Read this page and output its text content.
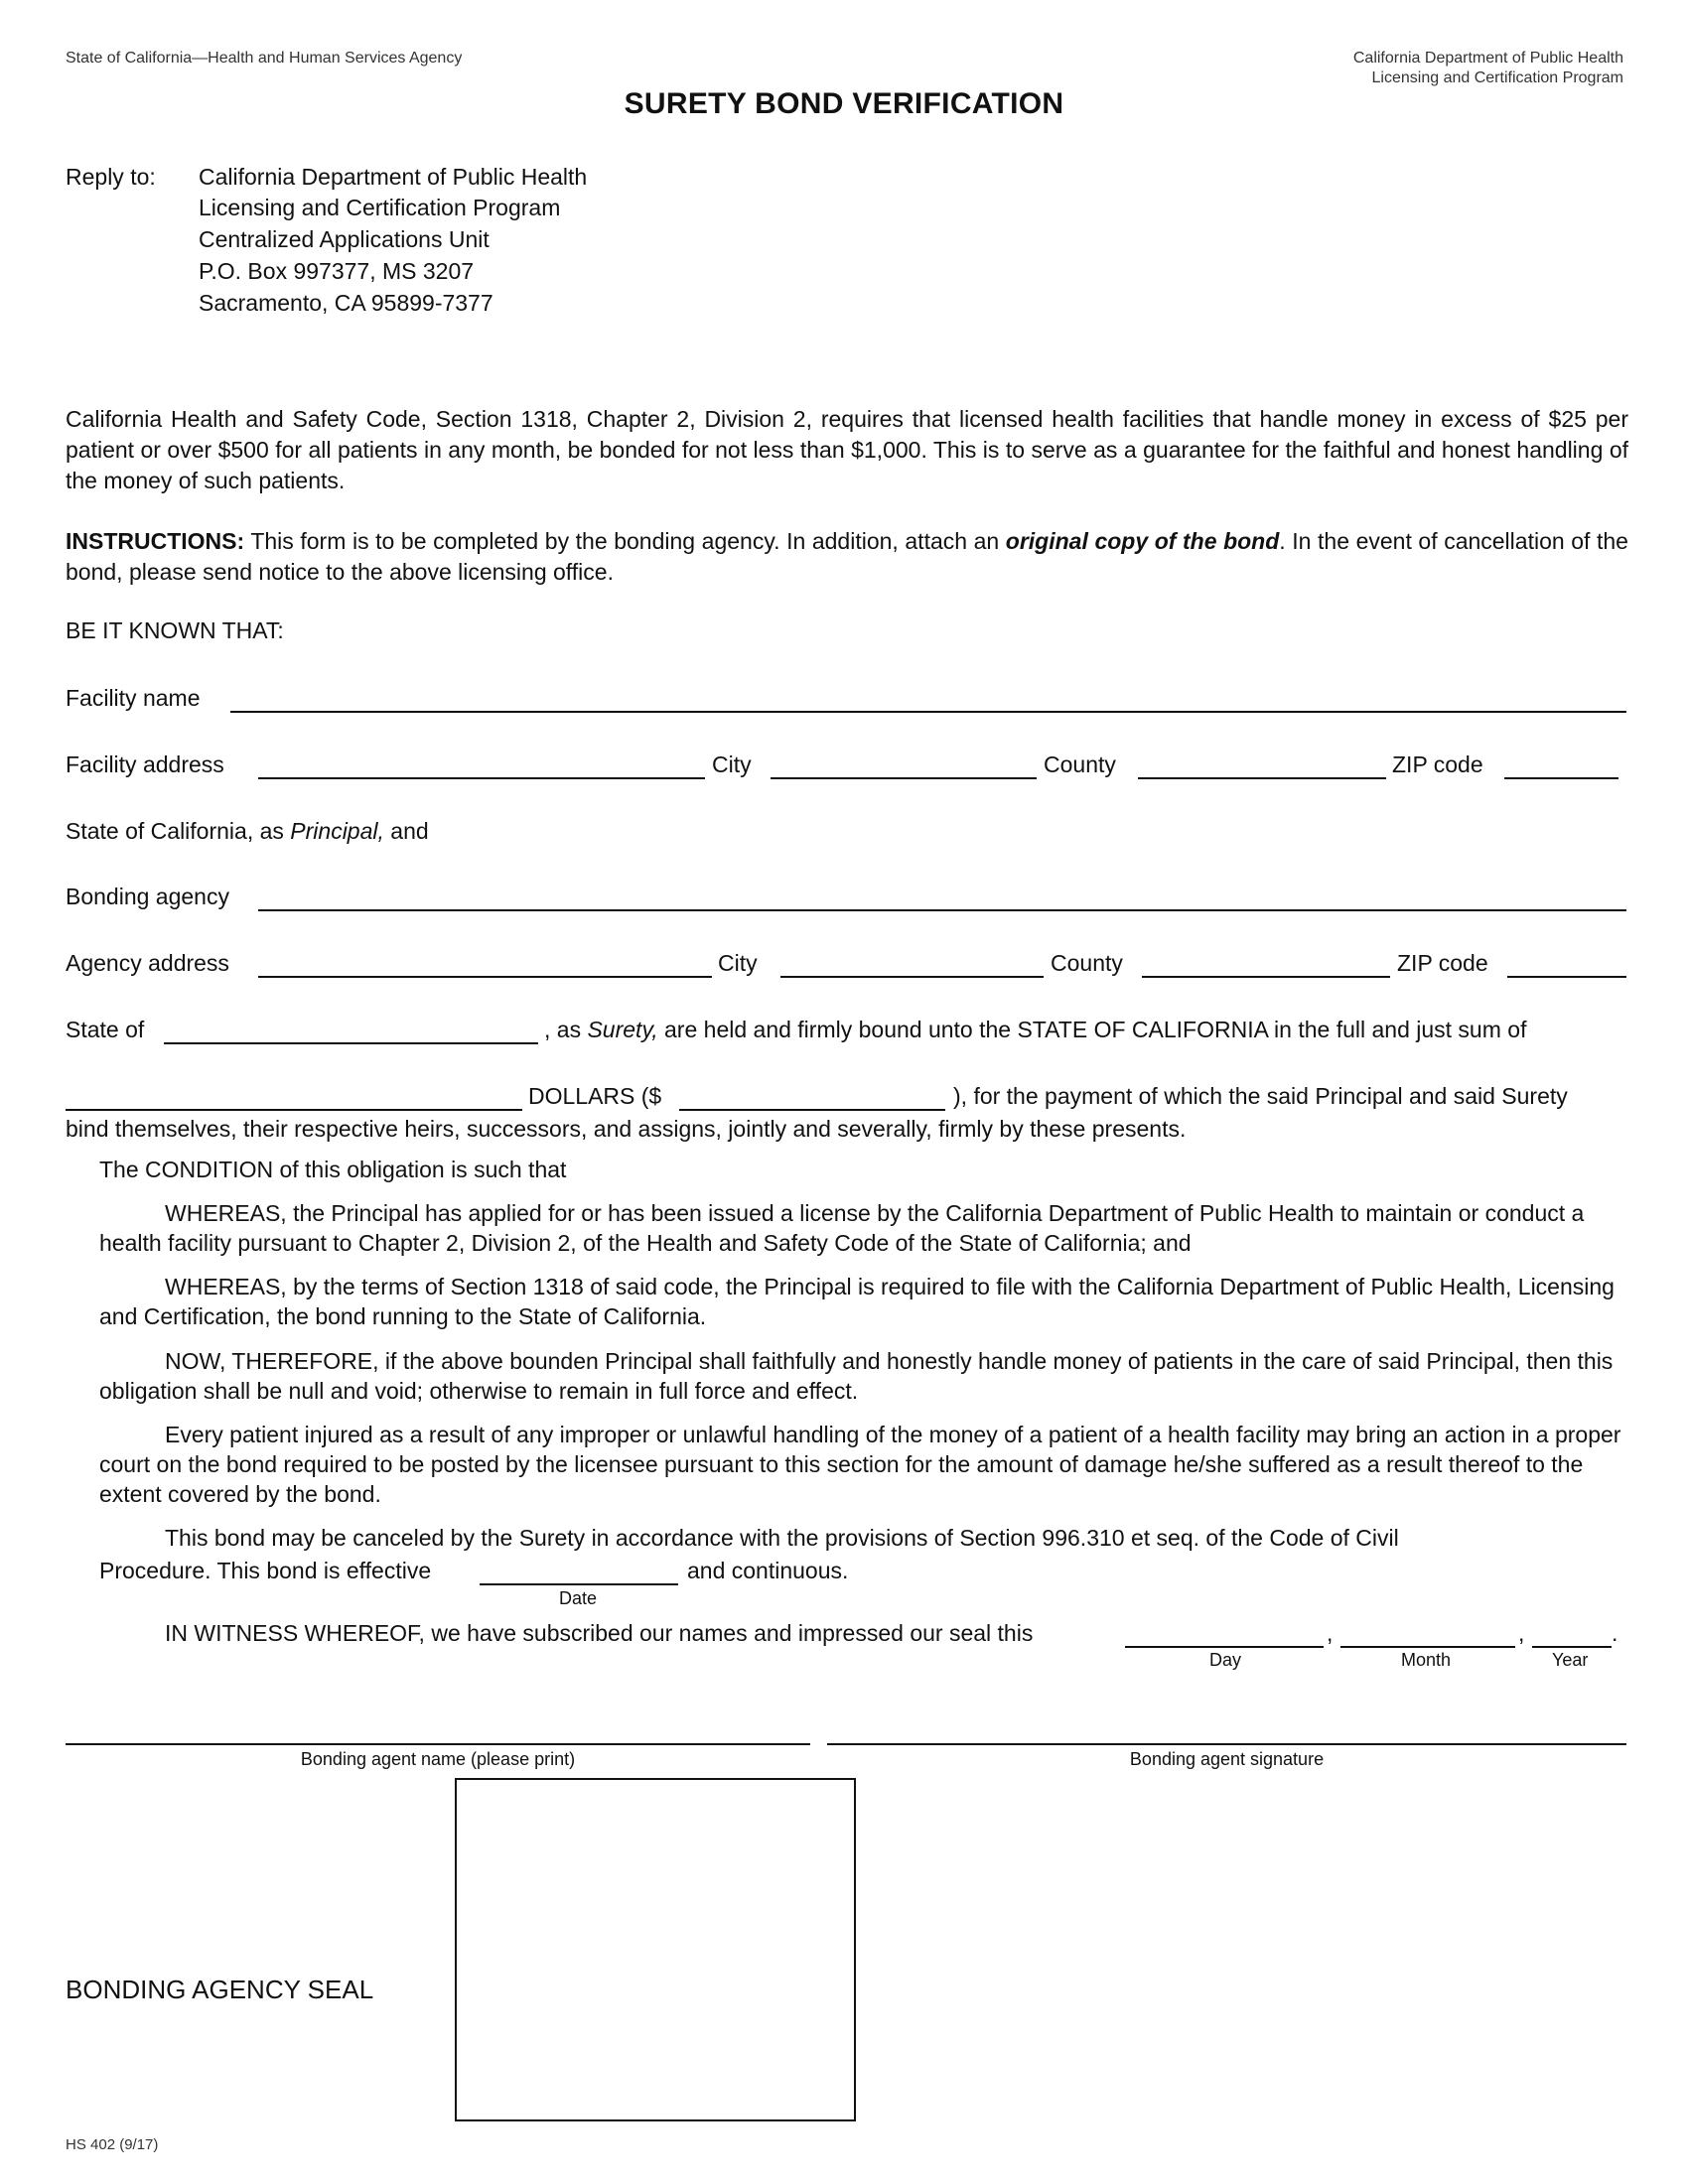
State of California—Health and Human Services Agency	California Department of Public Health
Licensing and Certification Program
SURETY BOND VERIFICATION
Reply to: California Department of Public Health
Licensing and Certification Program
Centralized Applications Unit
P.O. Box 997377, MS 3207
Sacramento, CA 95899-7377
California Health and Safety Code, Section 1318, Chapter 2, Division 2, requires that licensed health facilities that handle money in excess of $25 per patient or over $500 for all patients in any month, be bonded for not less than $1,000. This is to serve as a guarantee for the faithful and honest handling of the money of such patients.
INSTRUCTIONS: This form is to be completed by the bonding agency. In addition, attach an original copy of the bond. In the event of cancellation of the bond, please send notice to the above licensing office.
BE IT KNOWN THAT:
Facility name
Facility address	City	County	ZIP code
State of California, as Principal, and
Bonding agency
Agency address	City	County	ZIP code
State of	, as Surety, are held and firmly bound unto the STATE OF CALIFORNIA in the full and just sum of
DOLLARS ($	), for the payment of which the said Principal and said Surety
bind themselves, their respective heirs, successors, and assigns, jointly and severally, firmly by these presents.
The CONDITION of this obligation is such that
WHEREAS, the Principal has applied for or has been issued a license by the California Department of Public Health to maintain or conduct a health facility pursuant to Chapter 2, Division 2, of the Health and Safety Code of the State of California; and
WHEREAS, by the terms of Section 1318 of said code, the Principal is required to file with the California Department of Public Health, Licensing and Certification, the bond running to the State of California.
NOW, THEREFORE, if the above bounden Principal shall faithfully and honestly handle money of patients in the care of said Principal, then this obligation shall be null and void; otherwise to remain in full force and effect.
Every patient injured as a result of any improper or unlawful handling of the money of a patient of a health facility may bring an action in a proper court on the bond required to be posted by the licensee pursuant to this section for the amount of damage he/she suffered as a result thereof to the extent covered by the bond.
This bond may be canceled by the Surety in accordance with the provisions of Section 996.310 et seq. of the Code of Civil
Procedure. This bond is effective	and continuous.
Date
IN WITNESS WHEREOF, we have subscribed our names and impressed our seal this	,	,	.
Day	Month	Year
Bonding agent name (please print)	Bonding agent signature
BONDING AGENCY SEAL
HS 402 (9/17)
